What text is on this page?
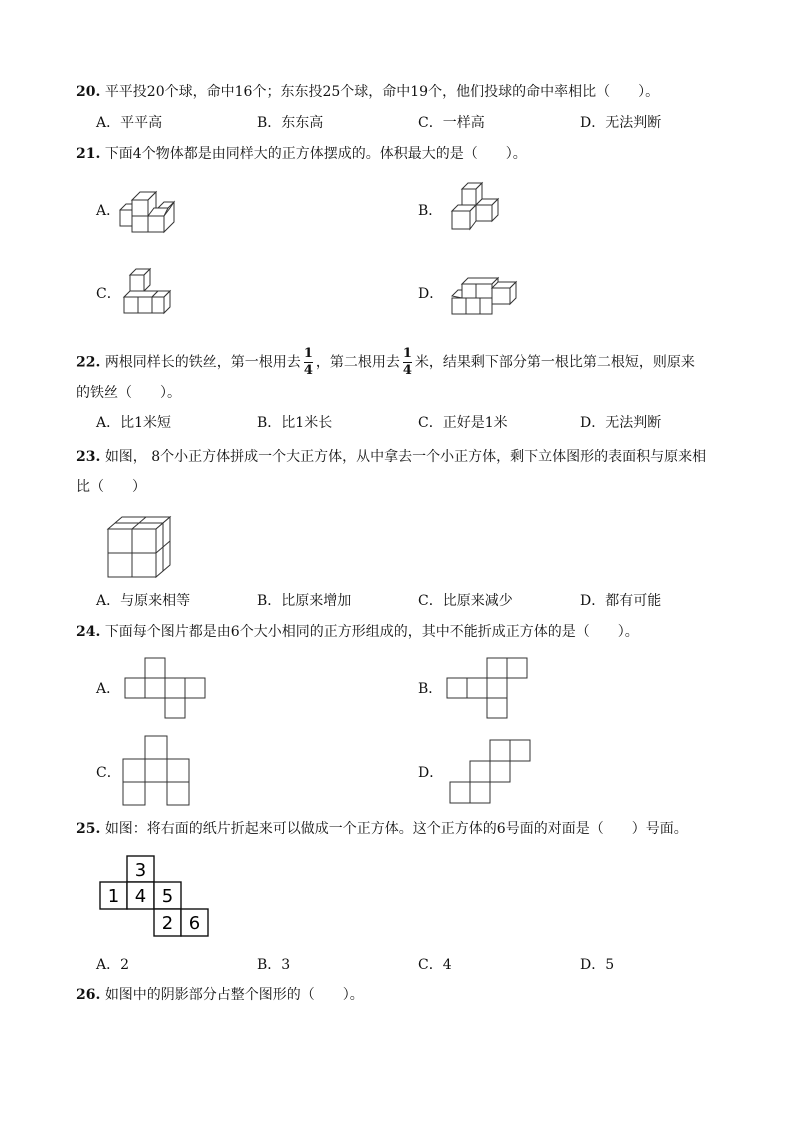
20. 平平投20个球，命中16个；东东投25个球，命中19个，他们投球的命中率相比（　　）。
A．平平高	B．东东高	C．一样高	D．无法判断
21. 下面4个物体都是由同样大的正方体摆成的。体积最大的是（　　）。
A．	B．
C．	D．
22. 两根同样长的铁丝，第一根用去 $\frac{1}{4}$ ，第二根用去 $\frac{1}{4}$ 米，结果剩下部分第一根比第二根短，则原来
的铁丝（　　）。
A．比1米短	B．比1米长	C．正好是1米	D．无法判断
23. 如图， 8个小正方体拼成一个大正方体，从中拿去一个小正方体，剩下立体图形的表面积与原来相
比（　　）
A．与原来相等	B．比原来增加	C．比原来减少	D．都有可能
24. 下面每个图片都是由6个大小相同的正方形组成的，其中不能折成正方体的是（　　）。
A．	B．
C．	D．
25. 如图：将右面的纸片折起来可以做成一个正方体。这个正方体的6号面的对面是（　　）号面。
3
1 4 5
2 6
A．2	B．3	C．4	D．5
26. 如图中的阴影部分占整个图形的（　　）。
